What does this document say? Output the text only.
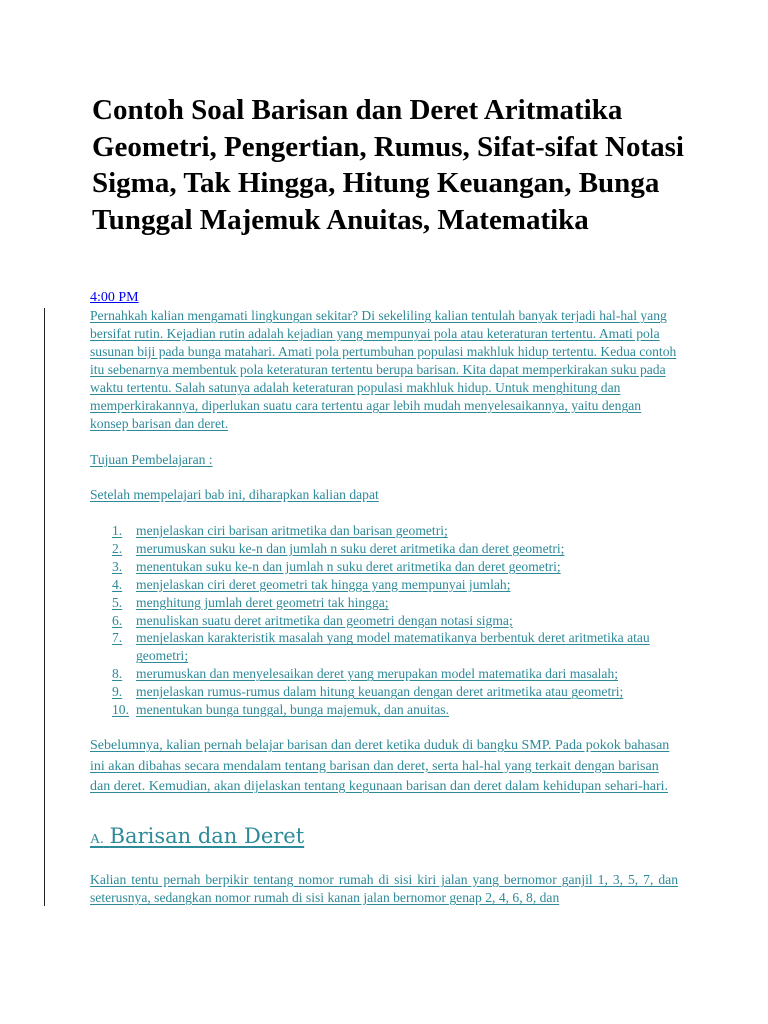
Contoh Soal Barisan dan Deret Aritmatika Geometri, Pengertian, Rumus, Sifat-sifat Notasi Sigma, Tak Hingga, Hitung Keuangan, Bunga Tunggal Majemuk Anuitas, Matematika
4:00 PM

Pernahkah kalian mengamati lingkungan sekitar? Di sekeliling kalian tentulah banyak terjadi hal-hal yang bersifat rutin. Kejadian rutin adalah kejadian yang mempunyai pola atau keteraturan tertentu. Amati pola susunan biji pada bunga matahari. Amati pola pertumbuhan populasi makhluk hidup tertentu. Kedua contoh itu sebenarnya membentuk pola keteraturan tertentu berupa barisan. Kita dapat memperkirakan suku pada waktu tertentu. Salah satunya adalah keteraturan populasi makhluk hidup. Untuk menghitung dan memperkirakannya, diperlukan suatu cara tertentu agar lebih mudah menyelesaikannya, yaitu dengan konsep barisan dan deret.

Tujuan Pembelajaran :

Setelah mempelajari bab ini, diharapkan kalian dapat

1.	menjelaskan ciri barisan aritmetika dan barisan geometri;
2.	merumuskan suku ke-n dan jumlah n suku deret aritmetika dan deret geometri;
3.	menentukan suku ke-n dan jumlah n suku deret aritmetika dan deret geometri;
4.	menjelaskan ciri deret geometri tak hingga yang mempunyai jumlah;
5.	menghitung jumlah deret geometri tak hingga;
6.	menuliskan suatu deret aritmetika dan geometri dengan notasi sigma;
7.	menjelaskan karakteristik masalah yang model matematikanya berbentuk deret aritmetika atau geometri;
8.	merumuskan dan menyelesaikan deret yang merupakan model matematika dari masalah;
9.	menjelaskan rumus-rumus dalam hitung keuangan dengan deret aritmetika atau geometri;
10. menentukan bunga tunggal, bunga majemuk, dan anuitas.

Sebelumnya, kalian pernah belajar barisan dan deret ketika duduk di bangku SMP. Pada pokok bahasan ini akan dibahas secara mendalam tentang barisan dan deret, serta hal-hal yang terkait dengan barisan dan deret. Kemudian, akan dijelaskan tentang kegunaan barisan dan deret dalam kehidupan sehari-hari.

A. Barisan dan Deret

Kalian tentu pernah berpikir tentang nomor rumah di sisi kiri jalan yang bernomor ganjil 1, 3, 5, 7, dan seterusnya, sedangkan nomor rumah di sisi kanan jalan bernomor genap 2, 4, 6, 8, dan
